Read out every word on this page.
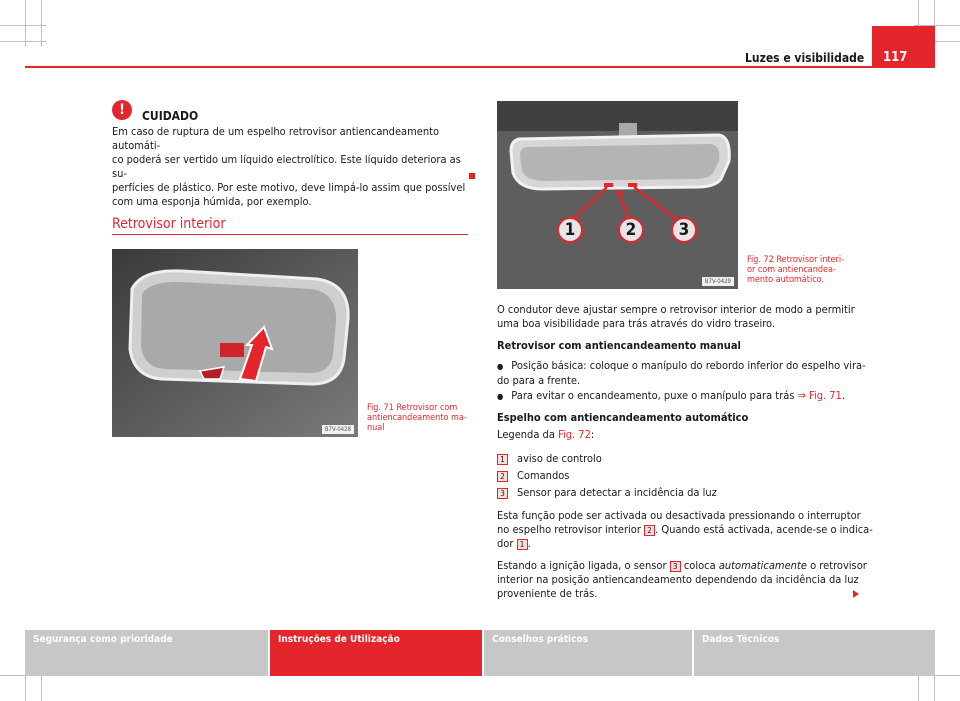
Luzes e visibilidade 117
!	CUIDADO
Em caso de ruptura de um espelho retrovisor antiencandeamento automáti-
co poderá ser vertido um líquido electrolítico. Este líquido deteriora as su-
perfícies de plástico. Por este motivo, deve limpá-lo assim que possível
com uma esponja húmida, por exemplo.
Retrovisor interior
B7V-0428
Fig. 71 Retrovisor com
antiencandeamento ma-
nual
1	2	3
B7V-0429
Fig. 72 Retrovisor interi-
or com antiencandea-
mento automático.
O condutor deve ajustar sempre o retrovisor interior de modo a permitir
uma boa visibilidade para trás através do vidro traseiro.
Retrovisor com antiencandeamento manual
● Posição básica: coloque o manípulo do rebordo inferior do espelho vira-
do para a frente.
● Para evitar o encandeamento, puxe o manípulo para trás ⇒ Fig. 71.
Espelho com antiencandeamento automático
Legenda da Fig. 72:
1 aviso de controlo
2 Comandos
3 Sensor para detectar a incidência da luz
Esta função pode ser activada ou desactivada pressionando o interruptor
no espelho retrovisor interior 2 . Quando está activada, acende-se o indica-
dor 1 .
Estando a ignição ligada, o sensor 3 coloca automaticamente o retrovisor
interior na posição antiencandeamento dependendo da incidência da luz
proveniente de trás.
Segurança como prioridade	Instruções de Utilização	Conselhos práticos	Dados Técnicos
